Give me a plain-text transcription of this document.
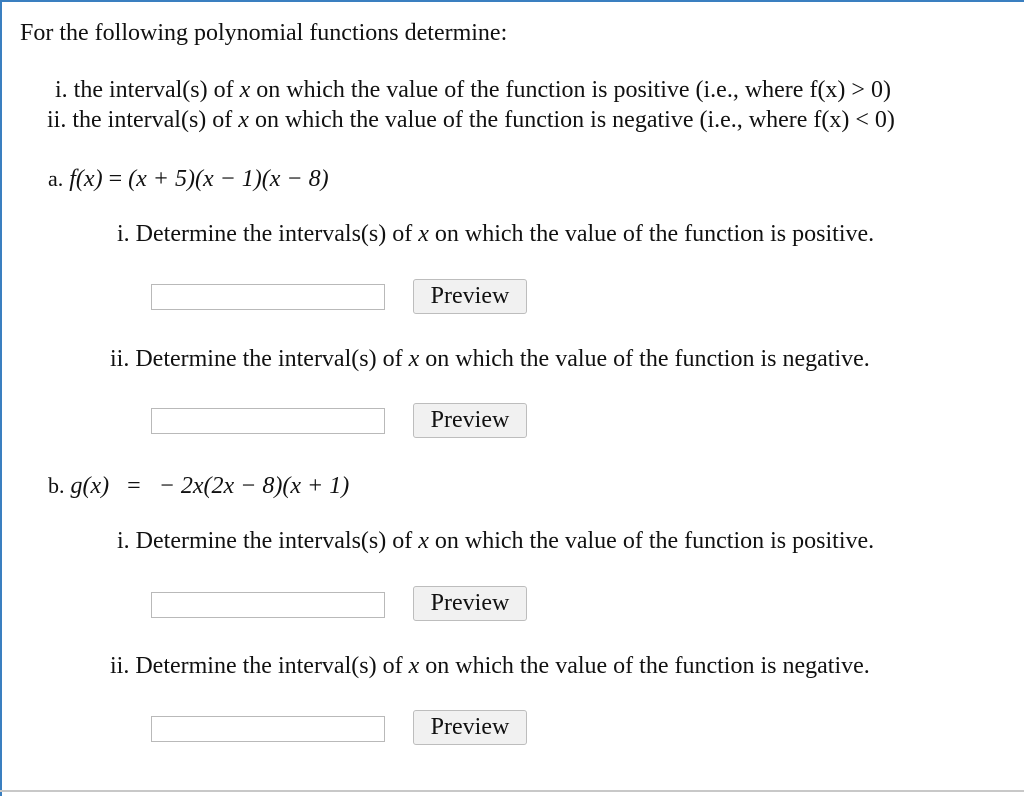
For the following polynomial functions determine:
i. the interval(s) of x on which the value of the function is positive (i.e., where f(x) > 0)
ii. the interval(s) of x on which the value of the function is negative (i.e., where f(x) < 0)
a. f(x) = (x + 5)(x − 1)(x − 8)
i. Determine the intervals(s) of x on which the value of the function is positive.
Preview
ii. Determine the interval(s) of x on which the value of the function is negative.
Preview
b. g(x) = − 2x(2x − 8)(x + 1)
i. Determine the intervals(s) of x on which the value of the function is positive.
Preview
ii. Determine the interval(s) of x on which the value of the function is negative.
Preview
